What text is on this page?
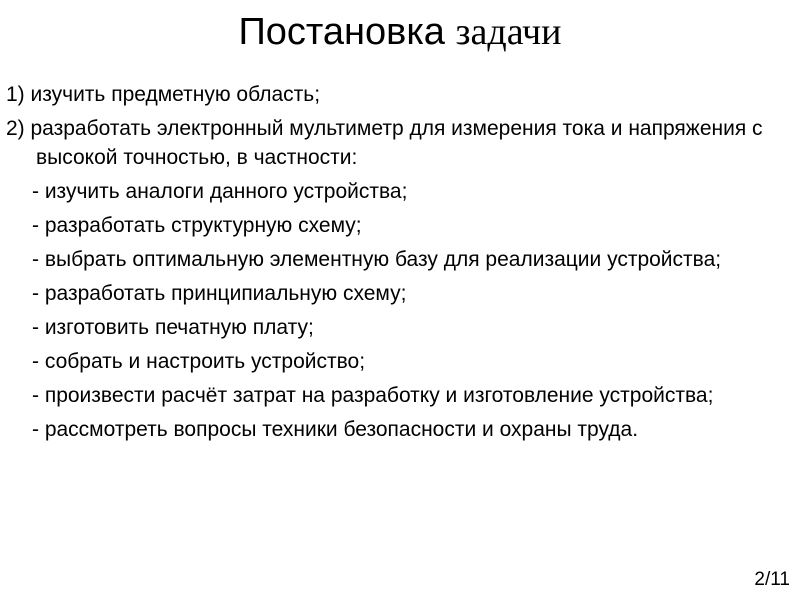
Постановка задачи
1) изучить предметную область;
2) разработать электронный мультиметр для измерения тока и напряжения с высокой точностью, в частности:
- изучить аналоги данного устройства;
- разработать структурную схему;
- выбрать оптимальную элементную базу для реализации устройства;
- разработать принципиальную схему;
- изготовить печатную плату;
- собрать и настроить устройство;
- произвести расчёт затрат на разработку и изготовление устройства;
- рассмотреть вопросы техники безопасности и охраны труда.
2/11
